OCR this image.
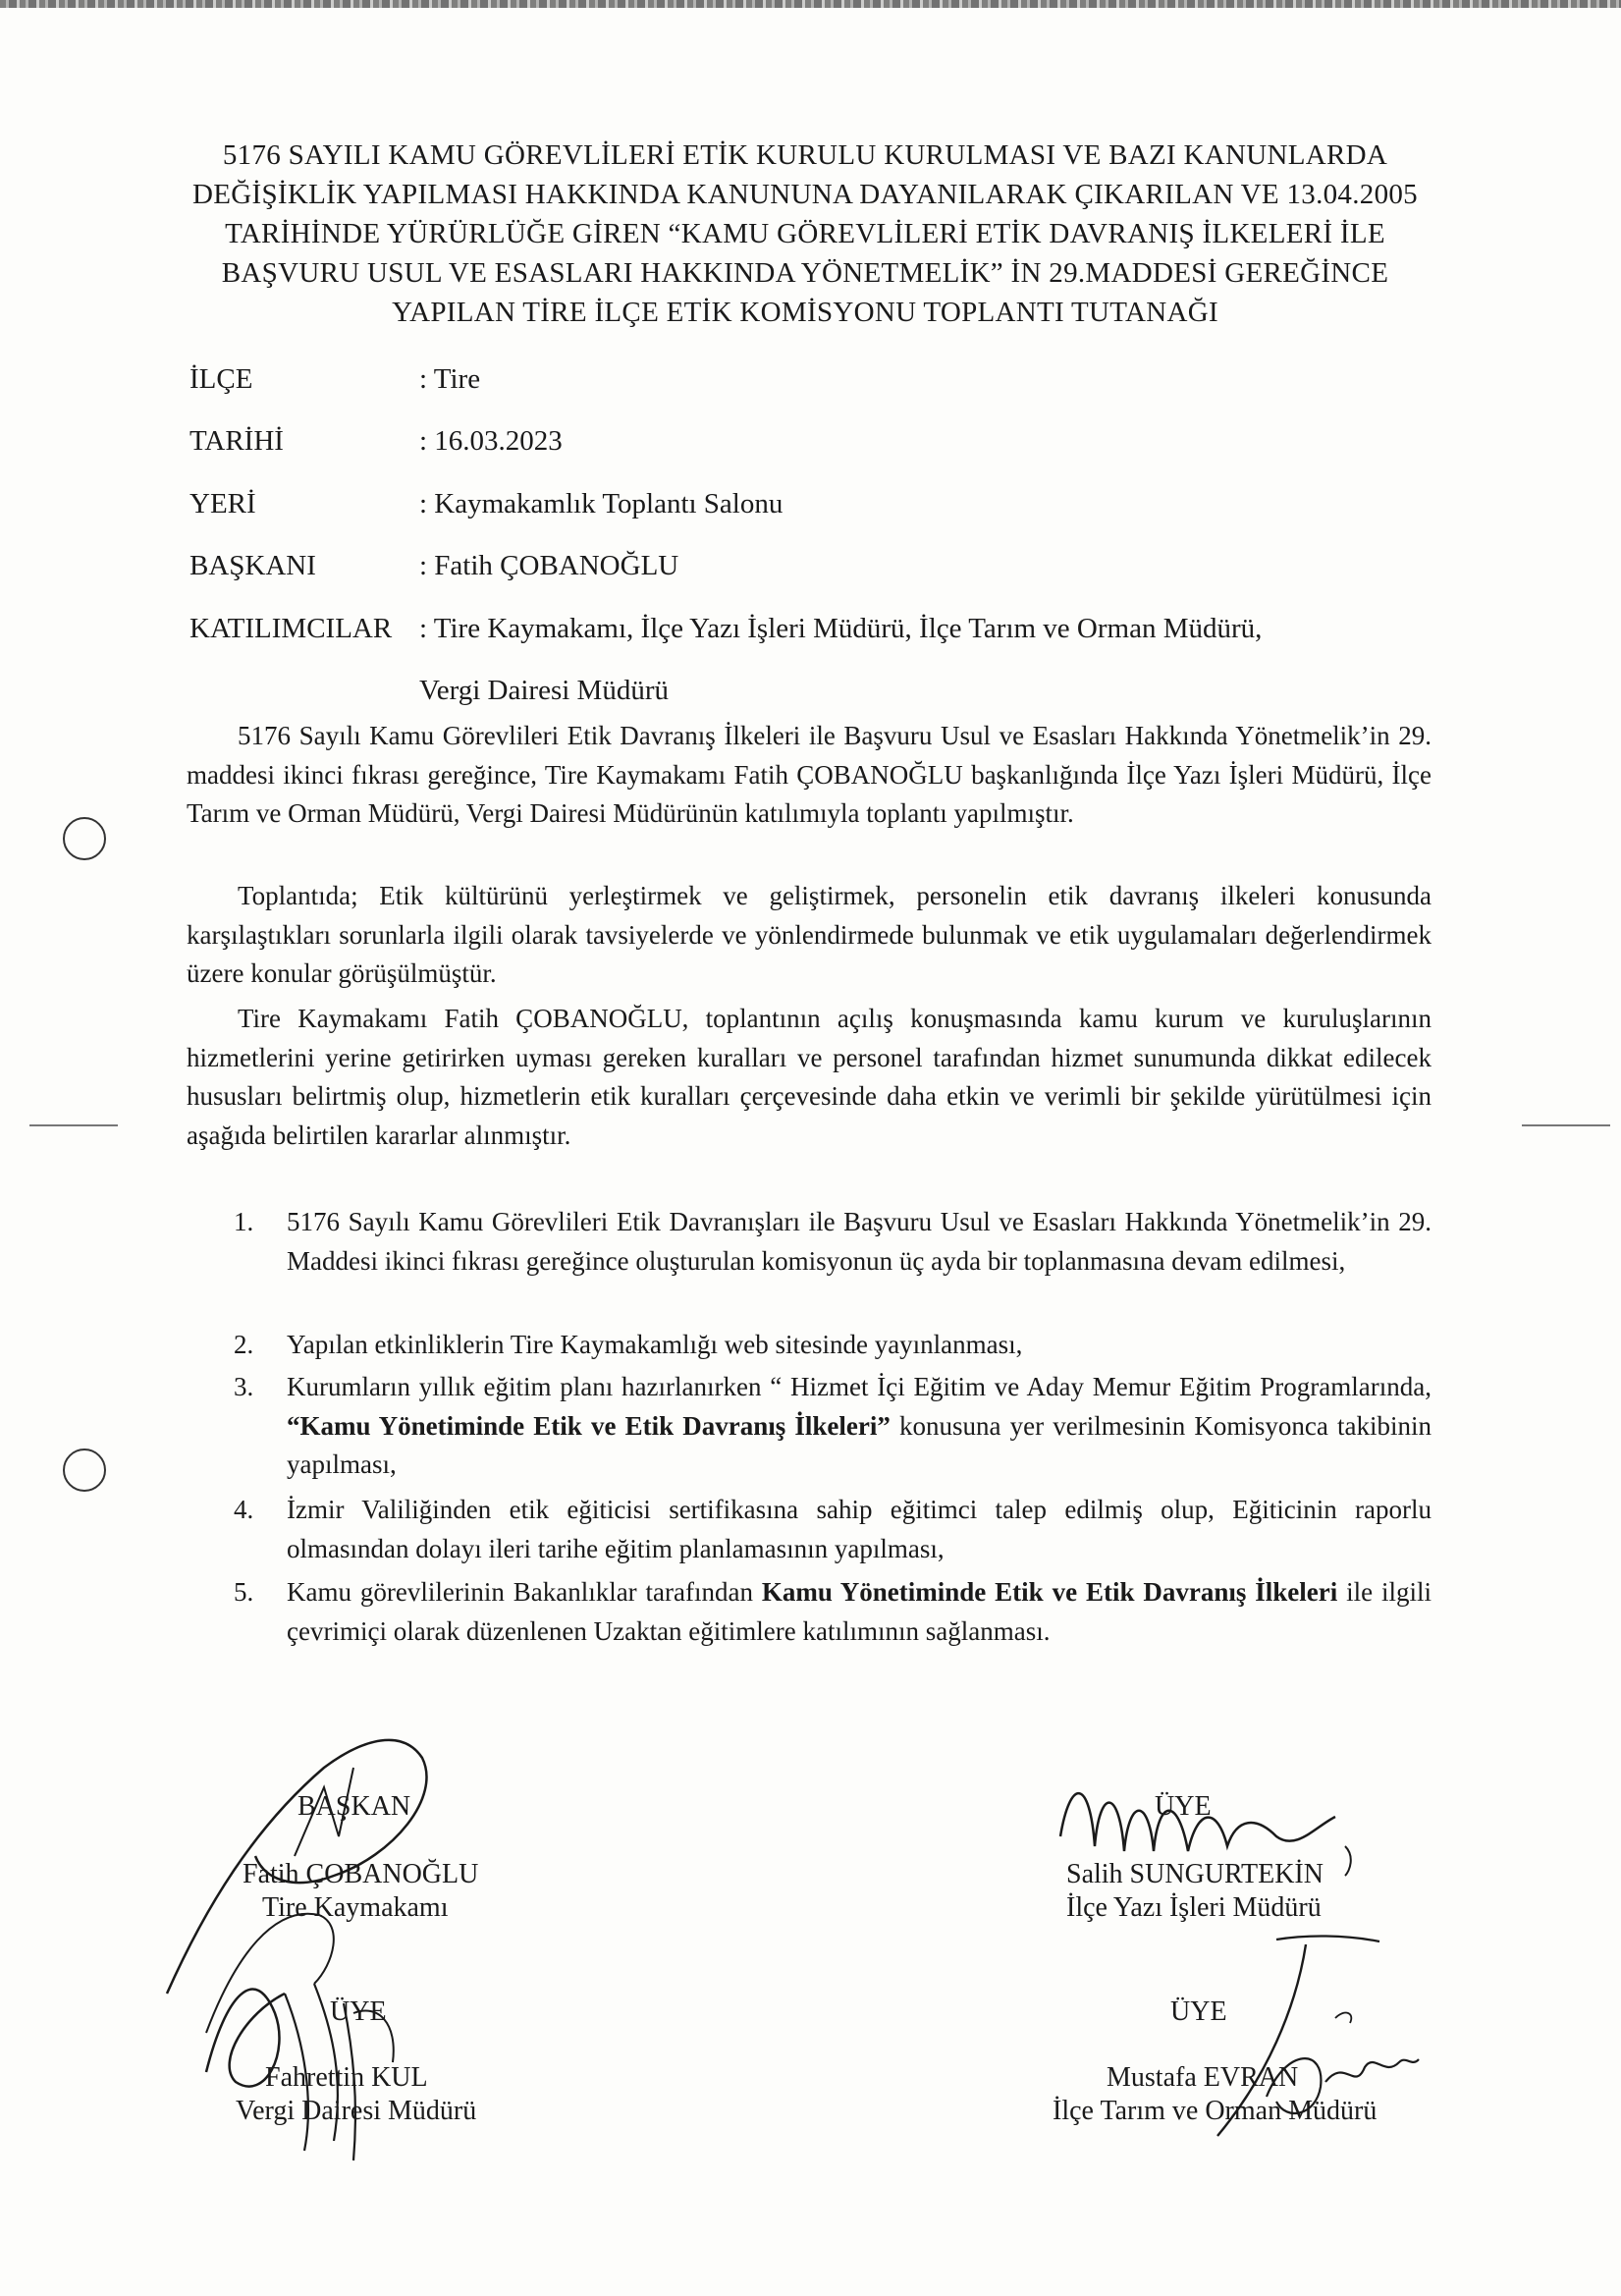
5176 SAYILI KAMU GÖREVLİLERİ ETİK KURULU KURULMASI VE BAZI KANUNLARDA DEĞİŞİKLİK YAPILMASI HAKKINDA KANUNUNA DAYANILARAK ÇIKARILAN VE 13.04.2005 TARİHİNDE YÜRÜRLÜĞE GİREN “KAMU GÖREVLİLERİ ETİK DAVRANIŞ İLKELERİ İLE BAŞVURU USUL VE ESASLARI HAKKINDA YÖNETMELİK” İN 29.MADDESİ GEREĞİNCE YAPILAN TİRE İLÇE ETİK KOMİSYONU TOPLANTI TUTANAĞI
İLÇE	: Tire
TARİHİ	: 16.03.2023
YERİ	: Kaymakamlık Toplantı Salonu
BAŞKANI	: Fatih ÇOBANOĞLU
KATILIMCILAR : Tire Kaymakamı, İlçe Yazı İşleri Müdürü, İlçe Tarım ve Orman Müdürü,
Vergi Dairesi Müdürü
5176 Sayılı Kamu Görevlileri Etik Davranış İlkeleri ile Başvuru Usul ve Esasları Hakkında Yönetmelik’in 29. maddesi ikinci fıkrası gereğince, Tire Kaymakamı Fatih ÇOBANOĞLU başkanlığında İlçe Yazı İşleri Müdürü, İlçe Tarım ve Orman Müdürü, Vergi Dairesi Müdürünün katılımıyla toplantı yapılmıştır.
Toplantıda; Etik kültürünü yerleştirmek ve geliştirmek, personelin etik davranış ilkeleri konusunda karşılaştıkları sorunlarla ilgili olarak tavsiyelerde ve yönlendirmede bulunmak ve etik uygulamaları değerlendirmek üzere konular görüşülmüştür.
Tire Kaymakamı Fatih ÇOBANOĞLU, toplantının açılış konuşmasında kamu kurum ve kuruluşlarının hizmetlerini yerine getirirken uyması gereken kuralları ve personel tarafından hizmet sunumunda dikkat edilecek hususları belirtmiş olup, hizmetlerin etik kuralları çerçevesinde daha etkin ve verimli bir şekilde yürütülmesi için aşağıda belirtilen kararlar alınmıştır.
1.	5176 Sayılı Kamu Görevlileri Etik Davranışları ile Başvuru Usul ve Esasları Hakkında Yönetmelik’in 29. Maddesi ikinci fıkrası gereğince oluşturulan komisyonun üç ayda bir toplanmasına devam edilmesi,
2.	Yapılan etkinliklerin Tire Kaymakamlığı web sitesinde yayınlanması,
3.	Kurumların yıllık eğitim planı hazırlanırken “ Hizmet İçi Eğitim ve Aday Memur Eğitim Programlarında, “Kamu Yönetiminde Etik ve Etik Davranış İlkeleri” konusuna yer verilmesinin Komisyonca takibinin yapılması,
4.	İzmir Valiliğinden etik eğiticisi sertifikasına sahip eğitimci talep edilmiş olup, Eğiticinin raporlu olmasından dolayı ileri tarihe eğitim planlamasının yapılması,
5.	Kamu görevlilerinin Bakanlıklar tarafından Kamu Yönetiminde Etik ve Etik Davranış İlkeleri ile ilgili çevrimiçi olarak düzenlenen Uzaktan eğitimlere katılımının sağlanması.
BAŞKAN
Fatih ÇOBANOĞLU
Tire Kaymakamı
ÜYE
Salih SUNGURTEKİN
İlçe Yazı İşleri Müdürü
ÜYE
Fahrettin KUL
Vergi Dairesi Müdürü
ÜYE
Mustafa EVRAN
İlçe Tarım ve Orman Müdürü
